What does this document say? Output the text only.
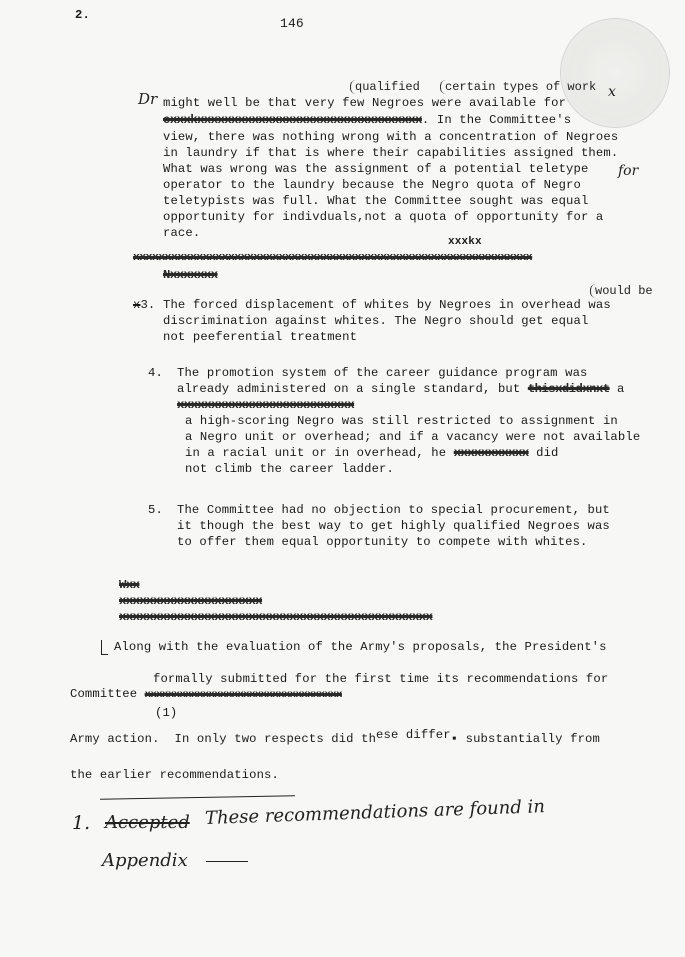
2.
146
Dr
qualified	certain types of work x
might well be that very few Negroes were available for
cxxxkxxxxxxxxxxxxxxxxxxxxxxxxxxxxxxxxx. In the Committee's
view, there was nothing wrong with a concentration of Negroes
in laundry if that is where their capabilities assigned them.
What was wrong was the assignment of a potential teletype
operator to the laundry because the Negro quota of Negro
for
teletypists was full. What the Committee sought was equal
opportunity for indivduals,not a quota of opportunity for a
race.
xxxkx
xxxxxxxxxxxxxxxxxxxxxxxxxxxxxxxxxxxxxxxxxxxxxxxxxxxxxxxxxxxxxxx
Nxxxxxxx
would be
x3. The forced displacement of whites by Negroes in overhead was
discrimination against whites. The Negro should get equal
not peeferential treatment
4. The promotion system of the career guidance program was
already administered on a single standard, but thisxdidxnxt a
xxxxxxxxxxxxxxxxxxxxxxxxxx
a high-scoring Negro was still restricted to assignment in
a Negro unit or overhead; and if a vacancy were not available
in a racial unit or in overhead, he xxxxxxxxxxx did
not climb the career ladder.
5. The Committee had no objection to special procurement, but
it though the best way to get highly qualified Negroes was
to offer them equal opportunity to compete with whites.
Wxx
xxxxxxxxxxxxxxxxxxxxx
xxxxxxxxxxxxxxxxxxxxxxxxxxxxxxxxxxxxxxxxxxxxxx
Along with the evaluation of the Army's proposals, the President's
formally submitted for the first time its recommendations for
Committee xxxxxxxxxxxxxxxxxxxxxxxxxxxxxxxxxx
(1)
Army action. In only two respects did these differ▪ substantially from
the earlier recommendations.
1. Accepted These recommendations are found in
Appendix
